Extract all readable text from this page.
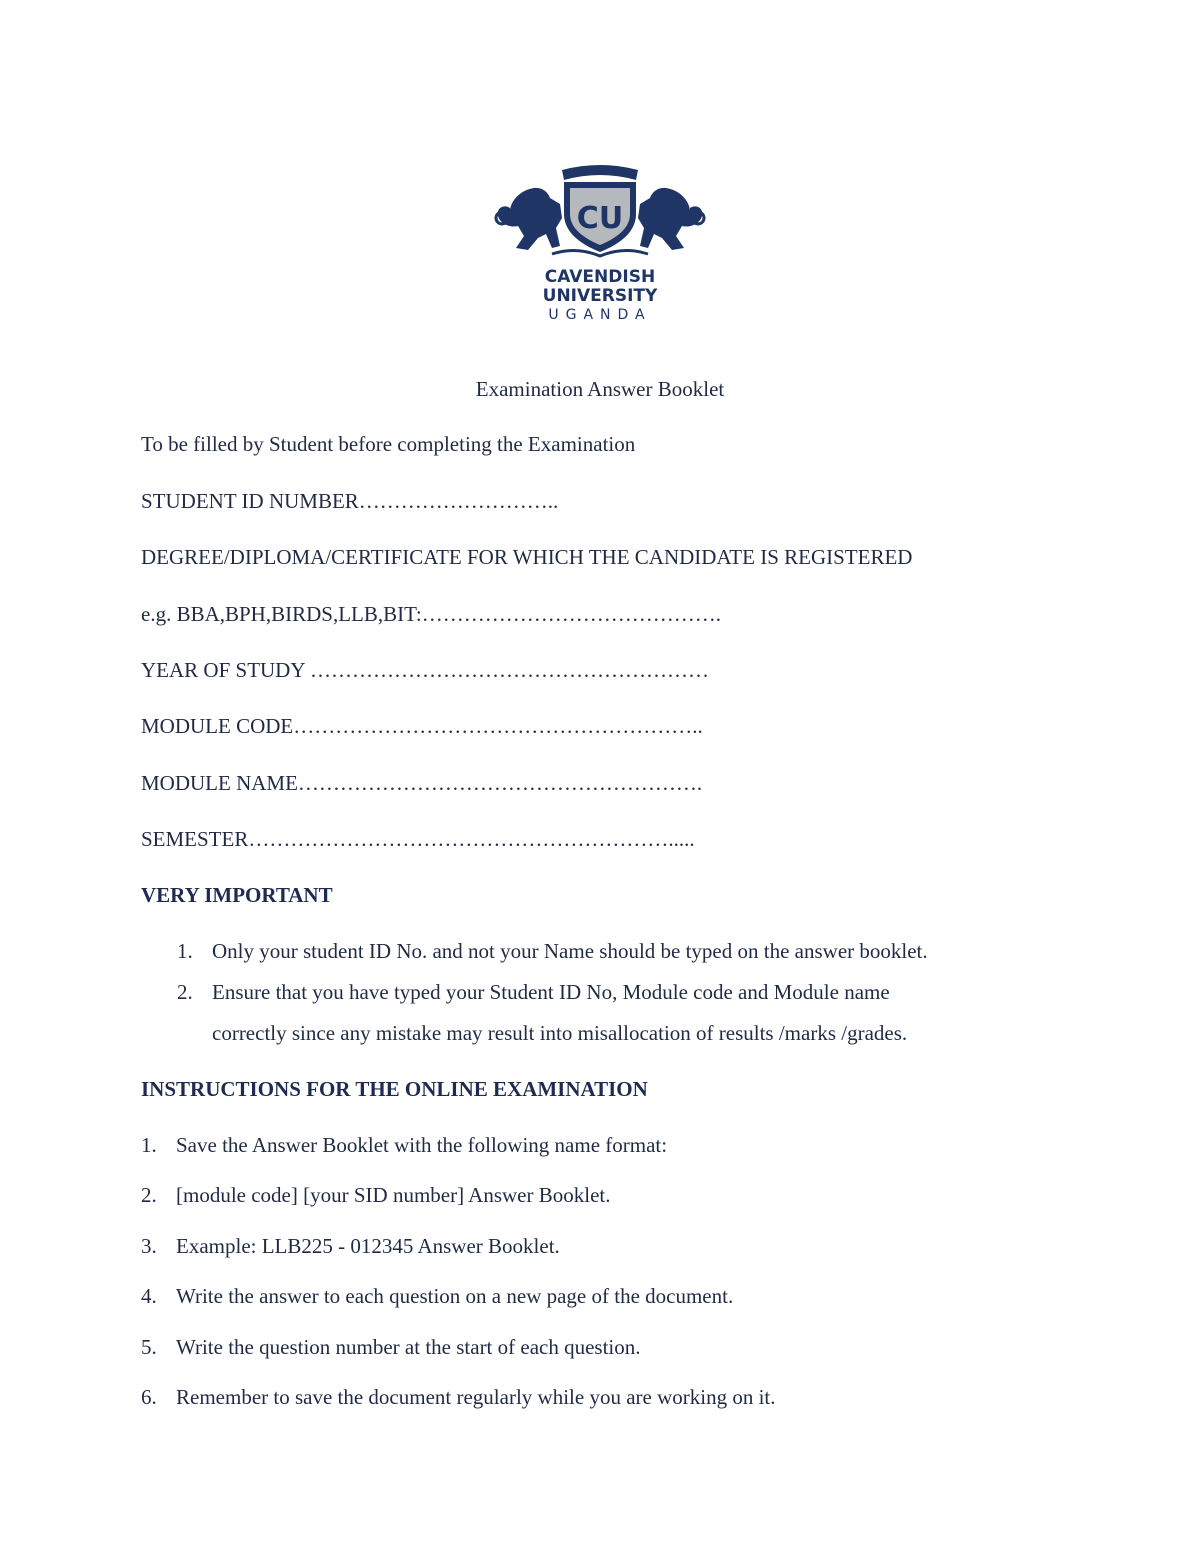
CU
CAVENDISH
UNIVERSITY
UGANDA
Examination Answer Booklet
To be filled by Student before completing the Examination
STUDENT ID NUMBER………………………..
DEGREE/DIPLOMA/CERTIFICATE FOR WHICH THE CANDIDATE IS REGISTERED
e.g. BBA,BPH,BIRDS,LLB,BIT:…………………………………….
YEAR OF STUDY …………………………………………………
MODULE CODE…………………………………………………..
MODULE NAME………………………………………………….
SEMESTER…………………………………………………….....
VERY IMPORTANT
1. Only your student ID No. and not your Name should be typed on the answer booklet.
2. Ensure that you have typed your Student ID No, Module code and Module name
correctly since any mistake may result into misallocation of results /marks /grades.
INSTRUCTIONS FOR THE ONLINE EXAMINATION
1. Save the Answer Booklet with the following name format:
2. [module code] [your SID number] Answer Booklet.
3. Example: LLB225 - 012345 Answer Booklet.
4. Write the answer to each question on a new page of the document.
5. Write the question number at the start of each question.
6. Remember to save the document regularly while you are working on it.
